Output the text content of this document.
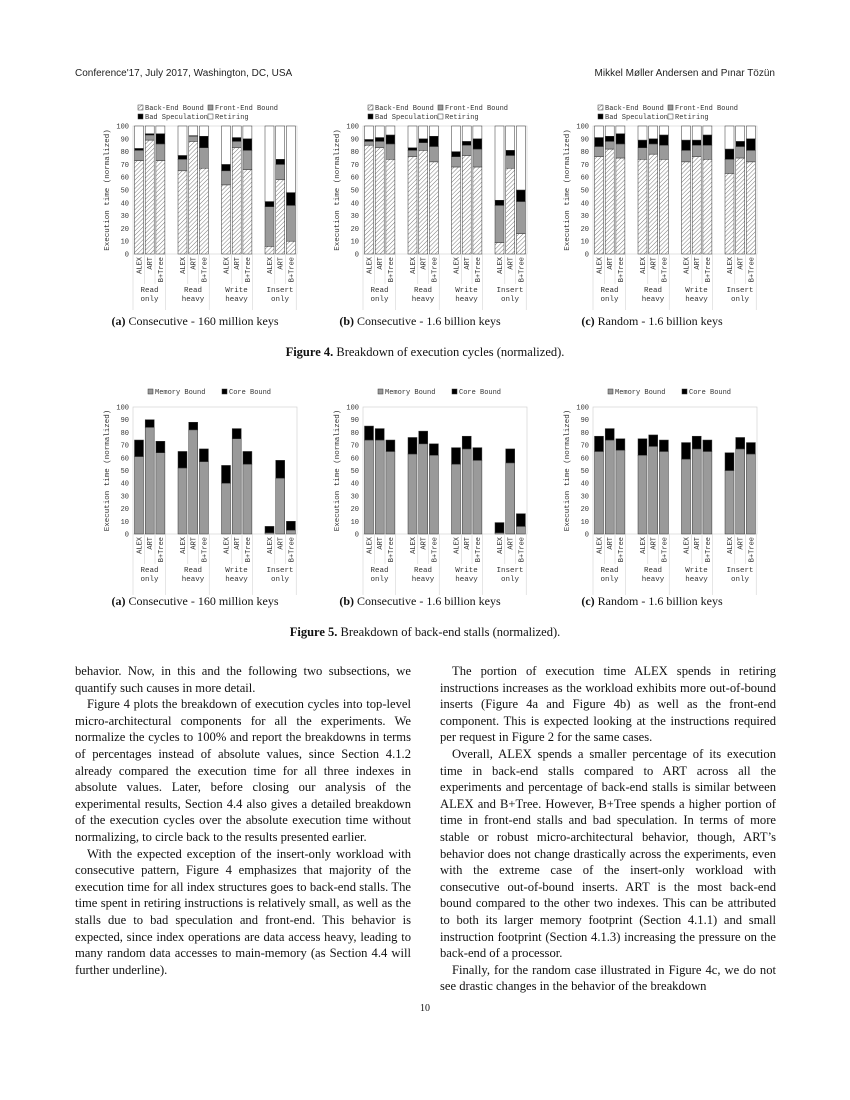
Conference'17, July 2017, Washington, DC, USA	Mikkel Møller Andersen and Pınar Tözün
0
10
20
30
40
50
60
70
80
90
100
Execution time (normalized)
Back-End Bound Front-End Bound
Bad Speculation Retiring
ALEX ART B+Tree ALEX ART B+Tree ALEX ART B+Tree ALEX ART B+Tree
Read
only
Read
heavy
Write
heavy
Insert
only
0
10
20
30
40
50
60
70
80
90
100
Execution time (normalized)
Back-End Bound Front-End Bound
Bad Speculation Retiring
ALEX ART B+Tree ALEX ART B+Tree ALEX ART B+Tree ALEX ART B+Tree
Read
only
Read
heavy
Write
heavy
Insert
only
0
10
20
30
40
50
60
70
80
90
100
Execution time (normalized)
Back-End Bound Front-End Bound
Bad Speculation Retiring
ALEX ART B+Tree ALEX ART B+Tree ALEX ART B+Tree ALEX ART B+Tree
Read
only
Read
heavy
Write
heavy
Insert
only
(a) Consecutive - 160 million keys	(b) Consecutive - 1.6 billion keys	(c) Random - 1.6 billion keys
Figure 4. Breakdown of execution cycles (normalized).
0
10
20
30
40
50
60
70
80
90
100
Execution time (normalized)
Memory Bound	Core Bound
ALEX ART B+Tree ALEX ART B+Tree ALEX ART B+Tree ALEX ART B+Tree
Read
only
Read
heavy
Write
heavy
Insert
only
0
10
20
30
40
50
60
70
80
90
100
Execution time (normalized)
Memory Bound	Core Bound
ALEX ART B+Tree ALEX ART B+Tree ALEX ART B+Tree ALEX ART B+Tree
Read
only
Read
heavy
Write
heavy
Insert
only
0
10
20
30
40
50
60
70
80
90
100
Execution time (normalized)
Memory Bound	Core Bound
ALEX ART B+Tree ALEX ART B+Tree ALEX ART B+Tree ALEX ART B+Tree
Read
only
Read
heavy
Write
heavy
Insert
only
(a) Consecutive - 160 million keys	(b) Consecutive - 1.6 billion keys	(c) Random - 1.6 billion keys
Figure 5. Breakdown of back-end stalls (normalized).

behavior. Now, in this and the following two subsections, we quantify such causes in more detail.

Figure 4 plots the breakdown of execution cycles into top-level micro-architectural components for all the experiments. We normalize the cycles to 100% and report the breakdowns in terms of percentages instead of absolute values, since Section 4.1.2 already compared the execution time for all three indexes in absolute values. Later, before closing our analysis of the experimental results, Section 4.4 also gives a detailed breakdown of the execution cycles over the absolute execution time without normalizing, to circle back to the results presented earlier.

With the expected exception of the insert-only workload with consecutive pattern, Figure 4 emphasizes that majority of the execution time for all index structures goes to back-end stalls. The time spent in retiring instructions is relatively small, as well as the stalls due to bad speculation and front-end. This behavior is expected, since index operations are data access heavy, leading to many random data accesses to main-memory (as Section 4.4 will further underline).

The portion of execution time ALEX spends in retiring instructions increases as the workload exhibits more out-of-bound inserts (Figure 4a and Figure 4b) as well as the front-end component. This is expected looking at the instructions required per request in Figure 2 for the same cases.

Overall, ALEX spends a smaller percentage of its execution time in back-end stalls compared to ART across all the experiments and percentage of back-end stalls is similar between ALEX and B+Tree. However, B+Tree spends a higher portion of time in front-end stalls and bad speculation. In terms of more stable or robust micro-architectural behavior, though, ART’s behavior does not change drastically across the experiments, even with the extreme case of the insert-only workload with consecutive out-of-bound inserts. ART is the most back-end bound compared to the other two indexes. This can be attributed to both its larger memory footprint (Section 4.1.1) and small instruction footprint (Section 4.1.3) increasing the pressure on the back-end of a processor.

Finally, for the random case illustrated in Figure 4c, we do not see drastic changes in the behavior of the breakdown

10
